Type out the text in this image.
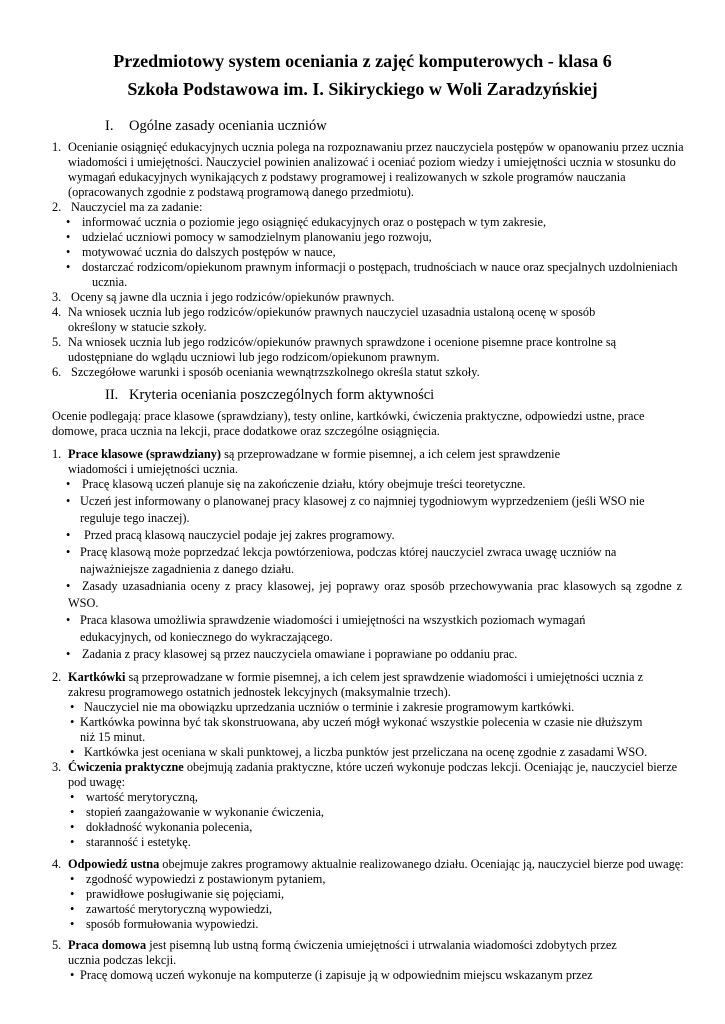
Przedmiotowy system oceniania z zajęć komputerowych - klasa 6
Szkoła Podstawowa im. I. Sikiryckiego w Woli Zaradzyńskiej
I. Ogólne zasady oceniania uczniów
1. Ocenianie osiągnięć edukacyjnych ucznia polega na rozpoznawaniu przez nauczyciela postępów w opanowaniu przez ucznia
wiadomości i umiejętności. Nauczyciel powinien analizować i oceniać poziom wiedzy i umiejętności ucznia w stosunku do
wymagań edukacyjnych wynikających z podstawy programowej i realizowanych w szkole programów nauczania
(opracowanych zgodnie z podstawą programową danego przedmiotu).
2. Nauczyciel ma za zadanie:
• informować ucznia o poziomie jego osiągnięć edukacyjnych oraz o postępach w tym zakresie,
• udzielać uczniowi pomocy w samodzielnym planowaniu jego rozwoju,
• motywować ucznia do dalszych postępów w nauce,
• dostarczać rodzicom/opiekunom prawnym informacji o postępach, trudnościach w nauce oraz specjalnych uzdolnieniach
ucznia.
3. Oceny są jawne dla ucznia i jego rodziców/opiekunów prawnych.
4. Na wniosek ucznia lub jego rodziców/opiekunów prawnych nauczyciel uzasadnia ustaloną ocenę w sposób
określony w statucie szkoły.
5. Na wniosek ucznia lub jego rodziców/opiekunów prawnych sprawdzone i ocenione pisemne prace kontrolne są
udostępniane do wglądu uczniowi lub jego rodzicom/opiekunom prawnym.
6. Szczegółowe warunki i sposób oceniania wewnątrzszkolnego określa statut szkoły.
II. Kryteria oceniania poszczególnych form aktywności
Ocenie podlegają: prace klasowe (sprawdziany), testy online, kartkówki, ćwiczenia praktyczne, odpowiedzi ustne, prace
domowe, praca ucznia na lekcji, prace dodatkowe oraz szczególne osiągnięcia.
1. Prace klasowe (sprawdziany) są przeprowadzane w formie pisemnej, a ich celem jest sprawdzenie
wiadomości i umiejętności ucznia.
• Pracę klasową uczeń planuje się na zakończenie działu, który obejmuje treści teoretyczne.
• Uczeń jest informowany o planowanej pracy klasowej z co najmniej tygodniowym wyprzedzeniem (jeśli WSO nie
reguluje tego inaczej).
• Przed pracą klasową nauczyciel podaje jej zakres programowy.
• Pracę klasową może poprzedzać lekcja powtórzeniowa, podczas której nauczyciel zwraca uwagę uczniów na
najważniejsze zagadnienia z danego działu.
• Zasady uzasadniania oceny z pracy klasowej, jej poprawy oraz sposób przechowywania prac klasowych są zgodne z
WSO.
• Praca klasowa umożliwia sprawdzenie wiadomości i umiejętności na wszystkich poziomach wymagań
edukacyjnych, od koniecznego do wykraczającego.
• Zadania z pracy klasowej są przez nauczyciela omawiane i poprawiane po oddaniu prac.
2. Kartkówki są przeprowadzane w formie pisemnej, a ich celem jest sprawdzenie wiadomości i umiejętności ucznia z
zakresu programowego ostatnich jednostek lekcyjnych (maksymalnie trzech).
• Nauczyciel nie ma obowiązku uprzedzania uczniów o terminie i zakresie programowym kartkówki.
• Kartkówka powinna być tak skonstruowana, aby uczeń mógł wykonać wszystkie polecenia w czasie nie dłuższym
niż 15 minut.
• Kartkówka jest oceniana w skali punktowej, a liczba punktów jest przeliczana na ocenę zgodnie z zasadami WSO.
3. Ćwiczenia praktyczne obejmują zadania praktyczne, które uczeń wykonuje podczas lekcji. Oceniając je, nauczyciel bierze
pod uwagę:
• wartość merytoryczną,
• stopień zaangażowanie w wykonanie ćwiczenia,
• dokładność wykonania polecenia,
• staranność i estetykę.
4. Odpowiedź ustna obejmuje zakres programowy aktualnie realizowanego działu. Oceniając ją, nauczyciel bierze pod uwagę:
• zgodność wypowiedzi z postawionym pytaniem,
• prawidłowe posługiwanie się pojęciami,
• zawartość merytoryczną wypowiedzi,
• sposób formułowania wypowiedzi.
5. Praca domowa jest pisemną lub ustną formą ćwiczenia umiejętności i utrwalania wiadomości zdobytych przez
ucznia podczas lekcji.
• Pracę domową uczeń wykonuje na komputerze (i zapisuje ją w odpowiednim miejscu wskazanym przez
